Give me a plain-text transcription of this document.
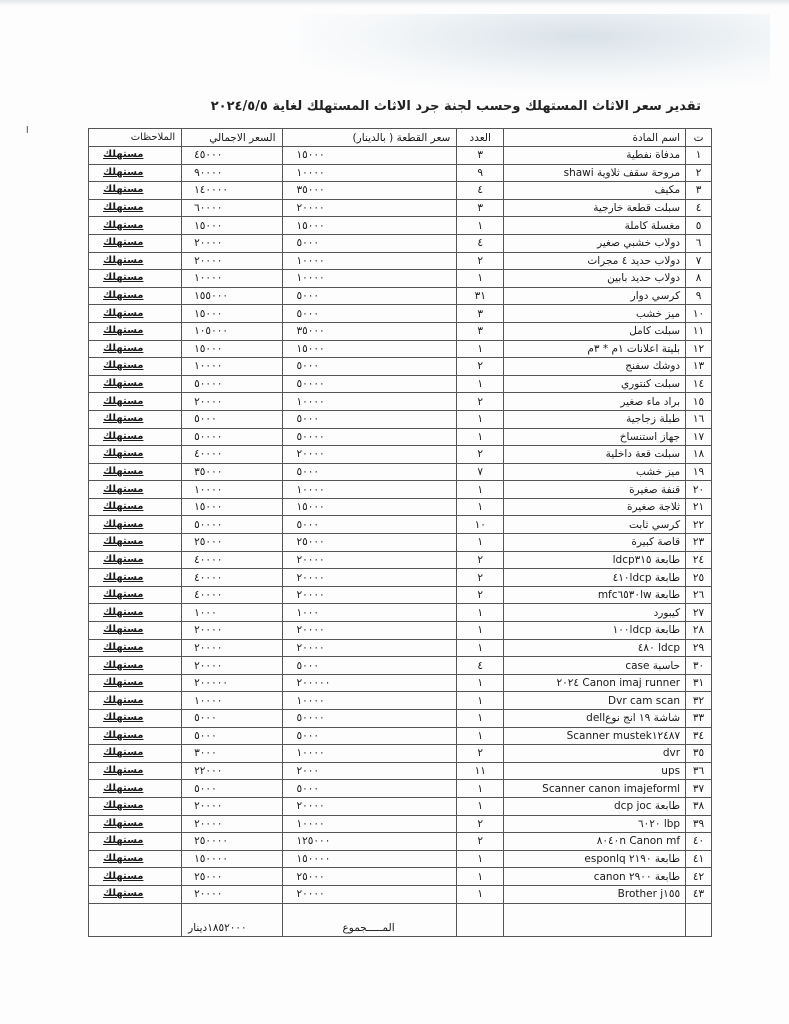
تقدير سعر الاثاث المستهلك وحسب لجنة جرد الاثاث المستهلك لغاية ٢٠٢٤/٥/٥
ا
ت	اسم المادة	العدد	سعر القطعة ( بالدينار)	السعر الاجمالي	الملاحظات
١	مدفاة نفطية	٣	١٥٠٠٠	٤٥٠٠٠	مستهلك
٢	مروحة سقف ثلاوية shawi	٩	١٠٠٠٠	٩٠٠٠٠	مستهلك
٣	مكيف	٤	٣٥٠٠٠	١٤٠٠٠٠	مستهلك
٤	سبلت قطعة خارجية	٣	٢٠٠٠٠	٦٠٠٠٠	مستهلك
٥	مغسلة كاملة	١	١٥٠٠٠	١٥٠٠٠	مستهلك
٦	دولاب خشبي صغير	٤	٥٠٠٠	٢٠٠٠٠	مستهلك
٧	دولاب حديد ٤ مجرات	٢	١٠٠٠٠	٢٠٠٠٠	مستهلك
٨	دولاب حديد بابين	١	١٠٠٠٠	١٠٠٠٠	مستهلك
٩	كرسي دوار	٣١	٥٠٠٠	١٥٥٠٠٠	مستهلك
١٠	ميز خشب	٣	٥٠٠٠	١٥٠٠٠	مستهلك
١١	سبلت كامل	٣	٣٥٠٠٠	١٠٥٠٠٠	مستهلك
١٢	بليتة اعلانات ١م * ٣م	١	١٥٠٠٠	١٥٠٠٠	مستهلك
١٣	دوشك سفنج	٢	٥٠٠٠	١٠٠٠٠	مستهلك
١٤	سبلت كنتوري	١	٥٠٠٠٠	٥٠٠٠٠	مستهلك
١٥	براد ماء صغير	٢	١٠٠٠٠	٢٠٠٠٠	مستهلك
١٦	طبلة زجاجية	١	٥٠٠٠	٥٠٠٠	مستهلك
١٧	جهاز استنساخ	١	٥٠٠٠٠	٥٠٠٠٠	مستهلك
١٨	سبلت قعة داخلية	٢	٢٠٠٠٠	٤٠٠٠٠	مستهلك
١٩	ميز خشب	٧	٥٠٠٠	٣٥٠٠٠	مستهلك
٢٠	قنفة صغيرة	١	١٠٠٠٠	١٠٠٠٠	مستهلك
٢١	ثلاجة صغيرة	١	١٥٠٠٠	١٥٠٠٠	مستهلك
٢٢	كرسي ثابت	١٠	٥٠٠٠	٥٠٠٠٠	مستهلك
٢٣	قاصة كبيرة	١	٢٥٠٠٠	٢٥٠٠٠	مستهلك
٢٤	طابعة ldcp٣١٥	٢	٢٠٠٠٠	٤٠٠٠٠	مستهلك
٢٥	طابعة ٤١٠ldcp	٢	٢٠٠٠٠	٤٠٠٠٠	مستهلك
٢٦	طابعة mfc٦٥٣٠lw	٢	٢٠٠٠٠	٤٠٠٠٠	مستهلك
٢٧	كيبورد	١	١٠٠٠	١٠٠٠	مستهلك
٢٨	طابعة ١٠٠ldcp	١	٢٠٠٠٠	٢٠٠٠٠	مستهلك
٢٩	ldcp ٤٨٠	١	٢٠٠٠٠	٢٠٠٠٠	مستهلك
٣٠	حاسبة case	٤	٥٠٠٠	٢٠٠٠٠	مستهلك
٣١	Canon imaj runner ٢٠٢٤	١	٢٠٠٠٠٠	٢٠٠٠٠٠	مستهلك
٣٢	Dvr cam scan	١	١٠٠٠٠	١٠٠٠٠	مستهلك
٣٣	شاشة ١٩ انج نوعdell	١	٥٠٠٠٠	٥٠٠٠	مستهلك
٣٤	Scanner mustek١٢٤٨٧	١	٥٠٠٠	٥٠٠٠	مستهلك
٣٥	dvr	٢	١٠٠٠٠	٣٠٠٠	مستهلك
٣٦	ups	١١	٢٠٠٠	٢٢٠٠٠	مستهلك
٣٧	Scanner canon imajeforml	١	٥٠٠٠	٥٠٠٠	مستهلك
٣٨	طابعة dcp joc	١	٢٠٠٠٠	٢٠٠٠٠	مستهلك
٣٩	lbp ٦٠٢٠	٢	١٠٠٠٠	٢٠٠٠٠	مستهلك
٤٠	Canon mf ٨٠٤٠n	٢	١٢٥٠٠٠	٢٥٠٠٠٠	مستهلك
٤١	طابعة ٢١٩٠ esponlq	١	١٥٠٠٠٠	١٥٠٠٠٠	مستهلك
٤٢	طابعة ٢٩٠٠ canon	١	٢٥٠٠٠	٢٥٠٠٠	مستهلك
٤٣	Brother j١٥٥	١	٢٠٠٠٠	٢٠٠٠٠	مستهلك
			المـــــجموع	١٨٥٢٠٠٠دينار	
